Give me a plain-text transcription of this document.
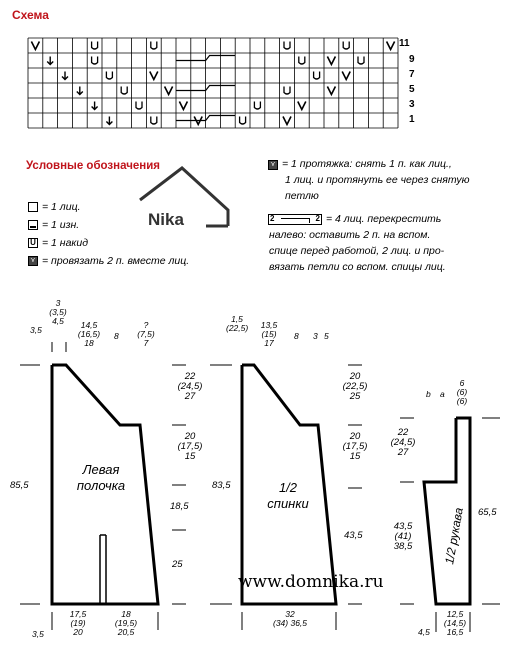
Схема
11
9
7
5
3
1
Условные обозначения
= 1 лиц.
= 1 изн.
U = 1 накид
⋎ = провязать 2 п. вместе лиц.
Nika
⋎ = 1 протяжка: снять 1 п. как лиц.,
1 лиц. и протянуть ее через снятую
петлю
2	2 = 4 лиц. перекрестить
налево: оставить 2 п. на вспом.
спице перед работой, 2 лиц. и про-
вязать петли со вспом. спицы лиц.
Левая
полочка
3
(3,5)
4,5
3,5	14,5
(16,5)
18
8
?
(7,5)
7
22
(24,5)
27
20
(17,5)
15
18,5
25
85,5
17,5
(19)
20
18
(19,5)
20,5
3,5
1/2
спинки
1,5
(22,5)	13,5
(15)
17
8 3 5
20
(22,5)
25
20
(17,5)
15
43,5
83,5
32
(34) 36,5
1/2 рукава
6
(6)
(6)
b a
22
(24,5)
27
43,5
(41)
38,5
65,5
12,5
(14,5)
16,5
4,5
www.domnika.ru
